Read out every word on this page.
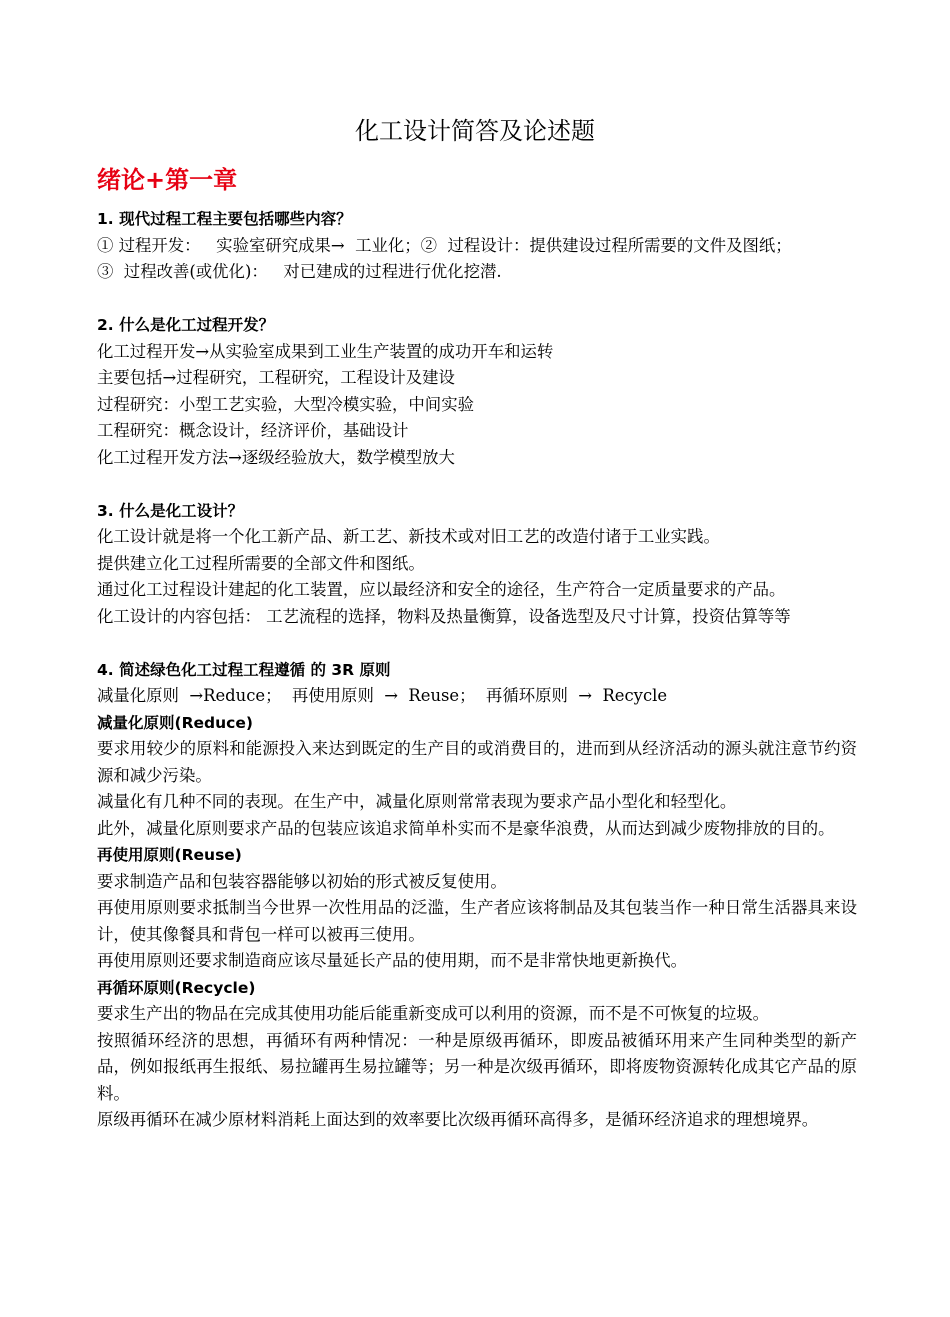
化工设计简答及论述题
绪论+第一章
1. 现代过程工程主要包括哪些内容？
① 过程开发：   实验室研究成果→  工业化；②  过程设计：提供建设过程所需要的文件及图纸；
③  过程改善(或优化)：   对已建成的过程进行优化挖潜.
2. 什么是化工过程开发？
化工过程开发→从实验室成果到工业生产装置的成功开车和运转
主要包括→过程研究，工程研究，工程设计及建设
过程研究：小型工艺实验，大型冷模实验，中间实验
工程研究：概念设计，经济评价，基础设计
化工过程开发方法→逐级经验放大，数学模型放大
3. 什么是化工设计？
化工设计就是将一个化工新产品、新工艺、新技术或对旧工艺的改造付诸于工业实践。
提供建立化工过程所需要的全部文件和图纸。
通过化工过程设计建起的化工装置，应以最经济和安全的途径，生产符合一定质量要求的产品。
化工设计的内容包括： 工艺流程的选择，物料及热量衡算，设备选型及尺寸计算，投资估算等等
4. 简述绿色化工过程工程遵循 的 3R 原则
减量化原则  →Reduce；  再使用原则  →  Reuse；  再循环原则  →  Recycle
减量化原则(Reduce)
要求用较少的原料和能源投入来达到既定的生产目的或消费目的，进而到从经济活动的源头就注意节约资源和减少污染。
减量化有几种不同的表现。在生产中，减量化原则常常表现为要求产品小型化和轻型化。
此外，减量化原则要求产品的包装应该追求简单朴实而不是豪华浪费，从而达到减少废物排放的目的。
再使用原则(Reuse)
要求制造产品和包装容器能够以初始的形式被反复使用。
再使用原则要求抵制当今世界一次性用品的泛滥，生产者应该将制品及其包装当作一种日常生活器具来设计，使其像餐具和背包一样可以被再三使用。
再使用原则还要求制造商应该尽量延长产品的使用期，而不是非常快地更新换代。
再循环原则(Recycle)
要求生产出的物品在完成其使用功能后能重新变成可以利用的资源，而不是不可恢复的垃圾。
按照循环经济的思想，再循环有两种情况：一种是原级再循环，即废品被循环用来产生同种类型的新产品，例如报纸再生报纸、易拉罐再生易拉罐等；另一种是次级再循环，即将废物资源转化成其它产品的原料。
原级再循环在减少原材料消耗上面达到的效率要比次级再循环高得多，是循环经济追求的理想境界。
